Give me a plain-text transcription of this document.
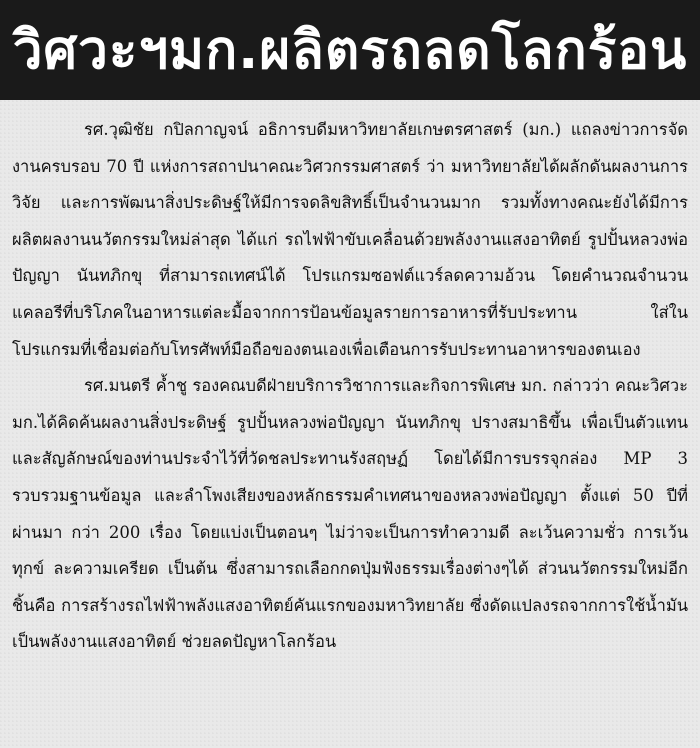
วิศวะฯมก.ผลิตรถลดโลกร้อน

รศ.วุฒิชัย กปิลกาญจน์ อธิการบดีมหาวิทยาลัยเกษตรศาสตร์ (มก.) แถลงข่าวการจัดงานครบรอบ 70 ปี แห่งการสถาปนาคณะวิศวกรรมศาสตร์ ว่า มหาวิทยาลัยได้ผลักดันผลงานการวิจัย และการพัฒนาสิ่งประดิษฐ์ให้มีการจดลิขสิทธิ์เป็นจำนวนมาก รวมทั้งทางคณะยังได้มีการผลิตผลงานนวัตกรรมใหม่ล่าสุด ได้แก่ รถไฟฟ้าขับเคลื่อนด้วยพลังงานแสงอาทิตย์ รูปปั้นหลวงพ่อปัญญา นันทภิกขุ ที่สามารถเทศน์ได้ โปรแกรมซอฟต์แวร์ลดความอ้วน โดยคำนวณจำนวนแคลอรีที่บริโภคในอาหารแต่ละมื้อจากการป้อนข้อมูลรายการอาหารที่รับประทาน ใส่ในโปรแกรมที่เชื่อมต่อกับโทรศัพท์มือถือของตนเองเพื่อเตือนการรับประทานอาหารของตนเอง

รศ.มนตรี ค้ำชู รองคณบดีฝ่ายบริการวิชาการและกิจการพิเศษ มก. กล่าวว่า คณะวิศวะ มก.ได้คิดค้นผลงานสิ่งประดิษฐ์ รูปปั้นหลวงพ่อปัญญา นันทภิกขุ ปรางสมาธิขึ้น เพื่อเป็นตัวแทนและสัญลักษณ์ของท่านประจำไว้ที่วัดชลประทานรังสฤษฏ์ โดยได้มีการบรรจุกล่อง MP 3 รวบรวมฐานข้อมูล และลำโพงเสียงของหลักธรรมคำเทศนาของหลวงพ่อปัญญา ตั้งแต่ 50 ปีที่ผ่านมา กว่า 200 เรื่อง โดยแบ่งเป็นตอนๆ ไม่ว่าจะเป็นการทำความดี ละเว้นความชั่ว การเว้นทุกข์ ละความเครียด เป็นต้น ซึ่งสามารถเลือกกดปุ่มฟังธรรมเรื่องต่างๆได้ ส่วนนวัตกรรมใหม่อีกชิ้นคือ การสร้างรถไฟฟ้าพลังแสงอาทิตย์คันแรกของมหาวิทยาลัย ซึ่งดัดแปลงรถจากการใช้น้ำมัน เป็นพลังงานแสงอาทิตย์ ช่วยลดปัญหาโลกร้อน
